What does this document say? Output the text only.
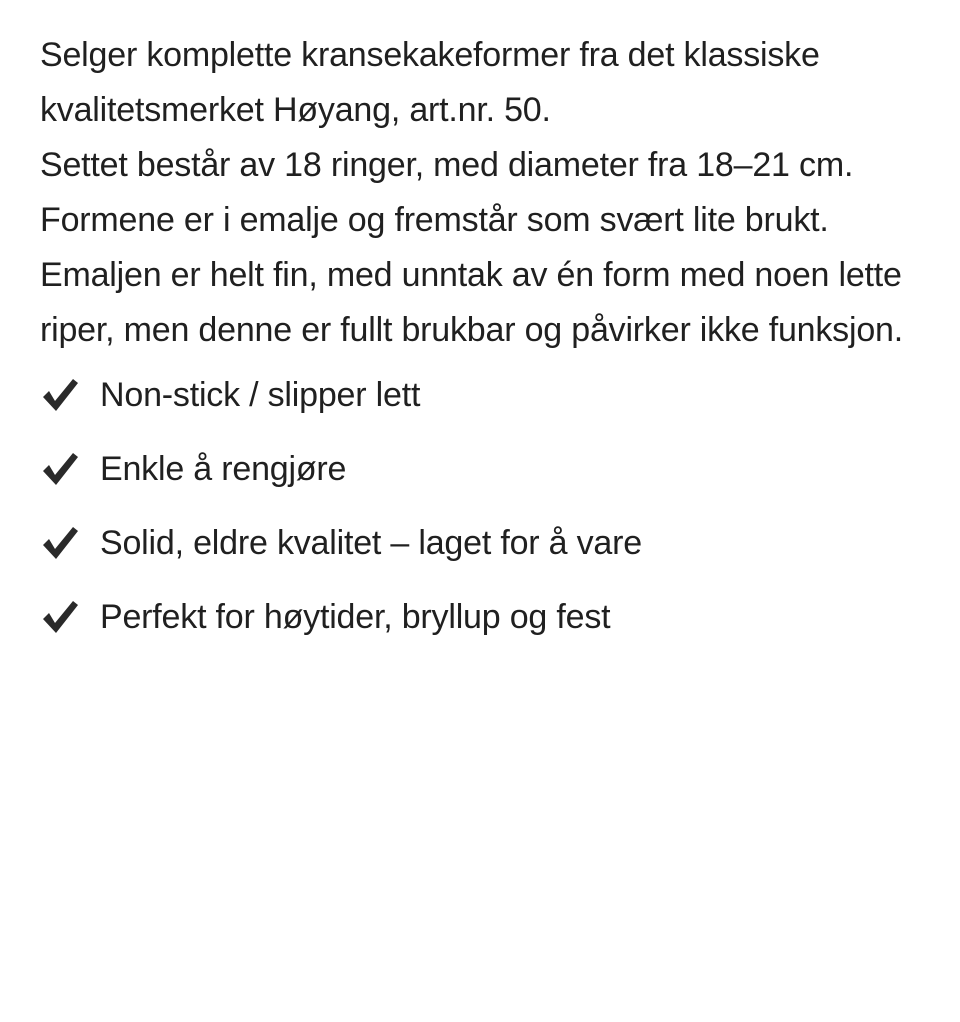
Selger komplette kransekakeformer fra det klassiske kvalitetsmerket Høyang, art.nr. 50.

Settet består av 18 ringer, med diameter fra 18–21 cm.

Formene er i emalje og fremstår som svært lite brukt. Emaljen er helt fin, med unntak av én form med noen lette riper, men denne er fullt brukbar og påvirker ikke funksjon.

Non-stick / slipper lett
Enkle å rengjøre
Solid, eldre kvalitet – laget for å vare
Perfekt for høytider, bryllup og fest
